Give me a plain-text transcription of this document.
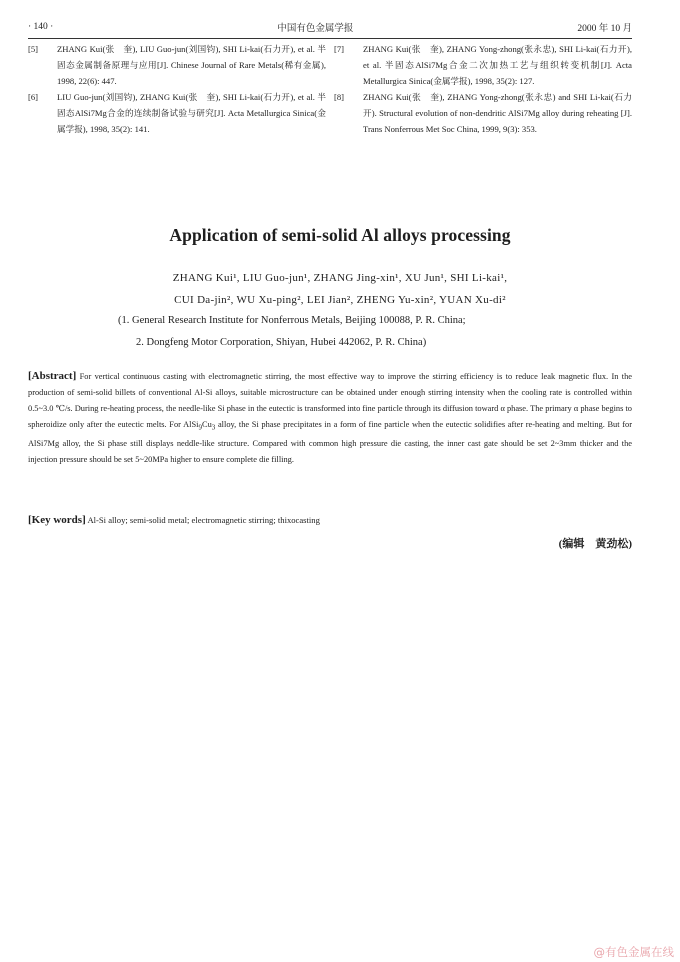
· 140 ·	中国有色金属学报	2000 年 10 月
[5]	ZHANG Kui(张　奎), LIU Guo-jun(刘国钧), SHI Li-kai(石力开), et al. 半固态金属制备原理与应用[J]. Chinese Journal of Rare Metals(稀有金属), 1998, 22(6): 447.
[6]	LIU Guo-jun(刘国钧), ZHANG Kui(张　奎), SHI Li-kai(石力开), et al. 半固态AlSi7Mg合金的连续制备试验与研究[J]. Acta Metallurgica Sinica(金属学报), 1998, 35(2): 141.
[7]	ZHANG Kui(张　奎), ZHANG Yong-zhong(张永忠), SHI Li-kai(石力开), et al. 半固态AlSi7Mg合金二次加热工艺与组织转变机制[J]. Acta Metallurgica Sinica(金属学报), 1998, 35(2): 127.
[8]	ZHANG Kui(张　奎), ZHANG Yong-zhong(张永忠) and SHI Li-kai(石力开). Structural evolution of non-dendritic AlSi7Mg alloy during reheating [J]. Trans Nonferrous Met Soc China, 1999, 9(3): 353.
Application of semi-solid Al alloys processing
ZHANG Kui¹, LIU Guo-jun¹, ZHANG Jing-xin¹, XU Jun¹, SHI Li-kai¹,
CUI Da-jin², WU Xu-ping², LEI Jian², ZHENG Yu-xin², YUAN Xu-di²
(1. General Research Institute for Nonferrous Metals, Beijing 100088, P. R. China;
2. Dongfeng Motor Corporation, Shiyan, Hubei 442062, P. R. China)
[Abstract] For vertical continuous casting with electromagnetic stirring, the most effective way to improve the stirring efficiency is to reduce leak magnetic flux. In the production of semi-solid billets of conventional Al-Si alloys, suitable microstructure can be obtained under enough stirring intensity when the cooling rate is controlled within 0.5~3.0 ℃/s. During re-heating process, the needle-like Si phase in the eutectic is transformed into fine particle through its diffusion toward α phase. The primary α phase begins to spheroidize only after the eutectic melts. For $AlSi_9Cu_3$ alloy, the Si phase precipitates in a form of fine particle when the eutectic solidifies after re-heating and melting. But for AlSi7Mg alloy, the Si phase still displays neddle-like structure. Compared with common high pressure die casting, the inner cast gate should be set 2~3mm thicker and the injection pressure should be set 5~20MPa higher to ensure complete die filling.
[Key words] Al-Si alloy; semi-solid metal; electromagnetic stirring; thixocasting
(编辑　黄劲松)
@有色金属在线
